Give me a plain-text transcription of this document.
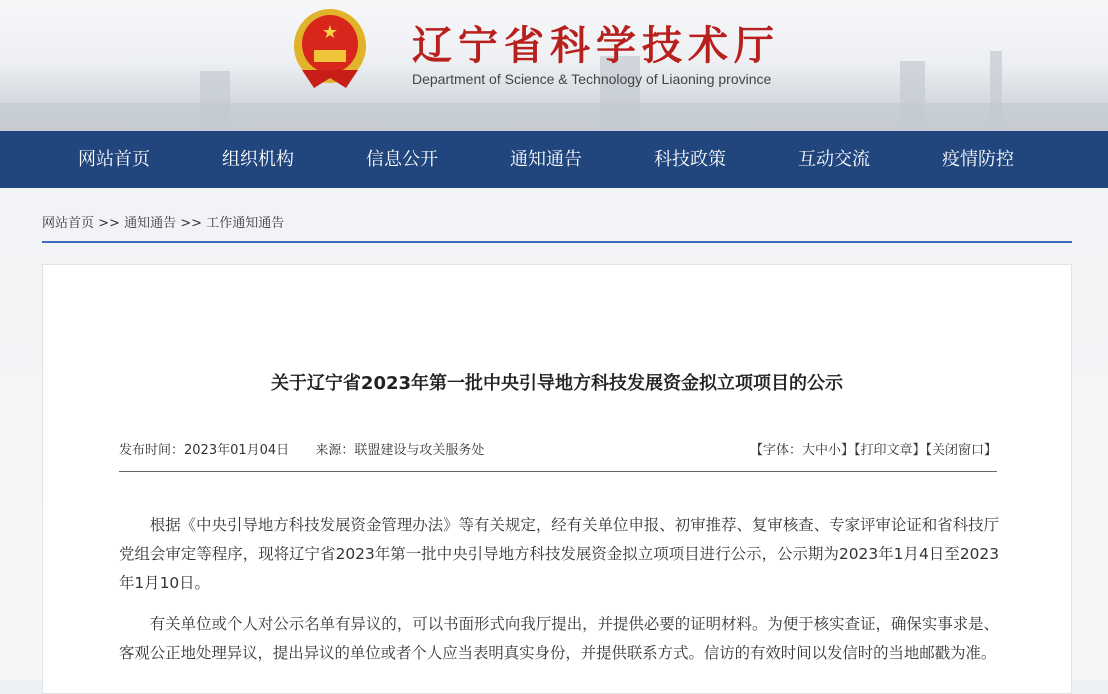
★ 辽宁省科学技术厅
Department of Science & Technology of Liaoning province
网站首页	组织机构	信息公开	通知通告	科技政策	互动交流	疫情防控
网站首页 >> 通知通告 >> 工作通知通告
关于辽宁省2023年第一批中央引导地方科技发展资金拟立项项目的公示
发布时间：2023年01月04日 来源：联盟建设与攻关服务处	【字体：大中小】【打印文章】【关闭窗口】

根据《中央引导地方科技发展资金管理办法》等有关规定，经有关单位申报、初审推荐、复审核查、专家评审论证和省科技厅党组会审定等程序，现将辽宁省2023年第一批中央引导地方科技发展资金拟立项项目进行公示，公示期为2023年1月4日至2023年1月10日。

有关单位或个人对公示名单有异议的，可以书面形式向我厅提出，并提供必要的证明材料。为便于核实查证，确保实事求是、客观公正地处理异议，提出异议的单位或者个人应当表明真实身份，并提供联系方式。信访的有效时间以发信时的当地邮戳为准。
